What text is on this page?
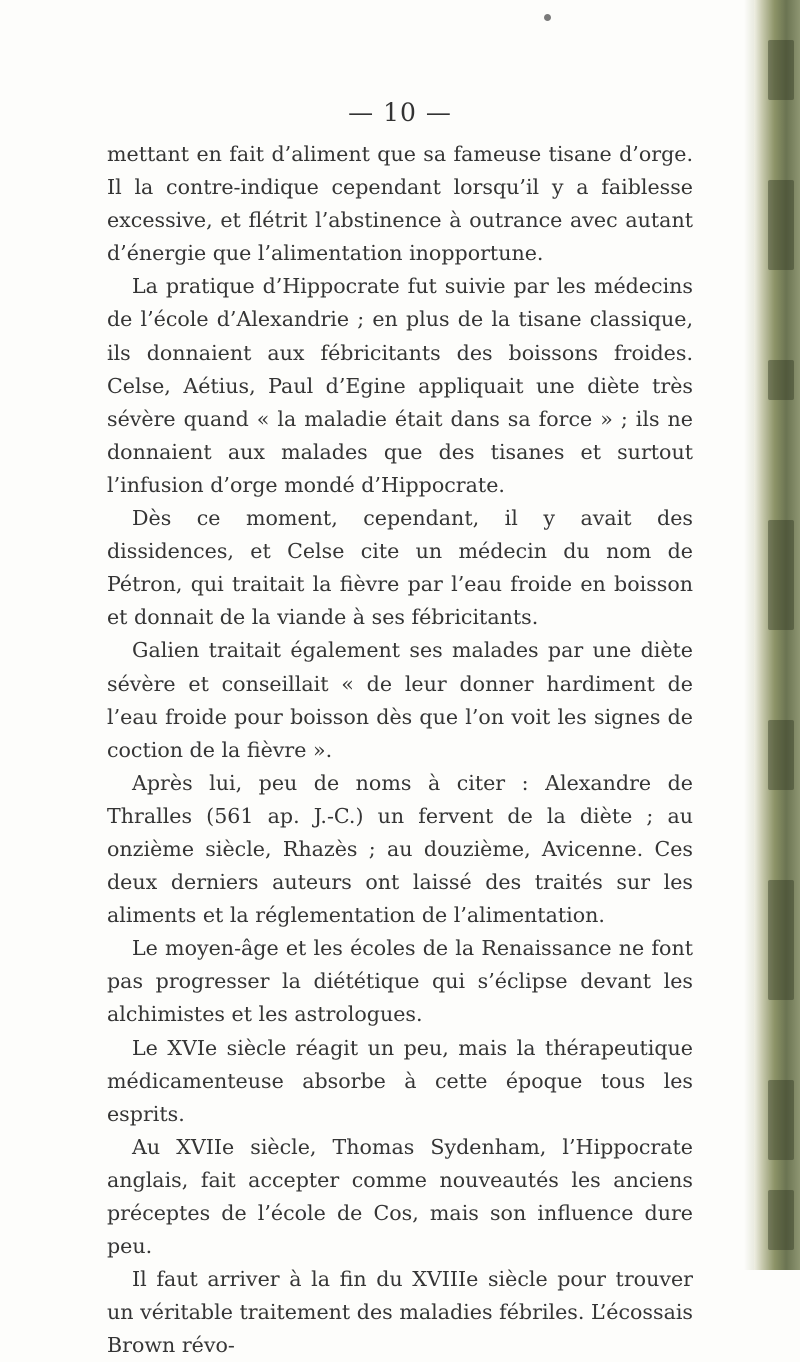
— 10 —

mettant en fait d’aliment que sa fameuse tisane d’orge. Il la contre-indique cependant lorsqu’il y a faiblesse excessive, et flétrit l’abstinence à outrance avec autant d’énergie que l’alimentation inopportune.

La pratique d’Hippocrate fut suivie par les médecins de l’école d’Alexandrie ; en plus de la tisane classique, ils donnaient aux fébricitants des boissons froides. Celse, Aétius, Paul d’Egine appliquait une diète très sévère quand « la maladie était dans sa force » ; ils ne donnaient aux malades que des tisanes et surtout l’infusion d’orge mondé d’Hippocrate.

Dès ce moment, cependant, il y avait des dissidences, et Celse cite un médecin du nom de Pétron, qui traitait la fièvre par l’eau froide en boisson et donnait de la viande à ses fébricitants.

Galien traitait également ses malades par une diète sévère et conseillait « de leur donner hardiment de l’eau froide pour boisson dès que l’on voit les signes de coction de la fièvre ».

Après lui, peu de noms à citer : Alexandre de Thralles (561 ap. J.-C.) un fervent de la diète ; au onzième siècle, Rhazès ; au douzième, Avicenne. Ces deux derniers auteurs ont laissé des traités sur les aliments et la réglementation de l’alimentation.

Le moyen-âge et les écoles de la Renaissance ne font pas progresser la diététique qui s’éclipse devant les alchimistes et les astrologues.

Le XVIe siècle réagit un peu, mais la thérapeutique médicamenteuse absorbe à cette époque tous les esprits.

Au XVIIe siècle, Thomas Sydenham, l’Hippocrate anglais, fait accepter comme nouveautés les anciens préceptes de l’école de Cos, mais son influence dure peu.

Il faut arriver à la fin du XVIIIe siècle pour trouver un véritable traitement des maladies fébriles. L’écossais Brown révo-
